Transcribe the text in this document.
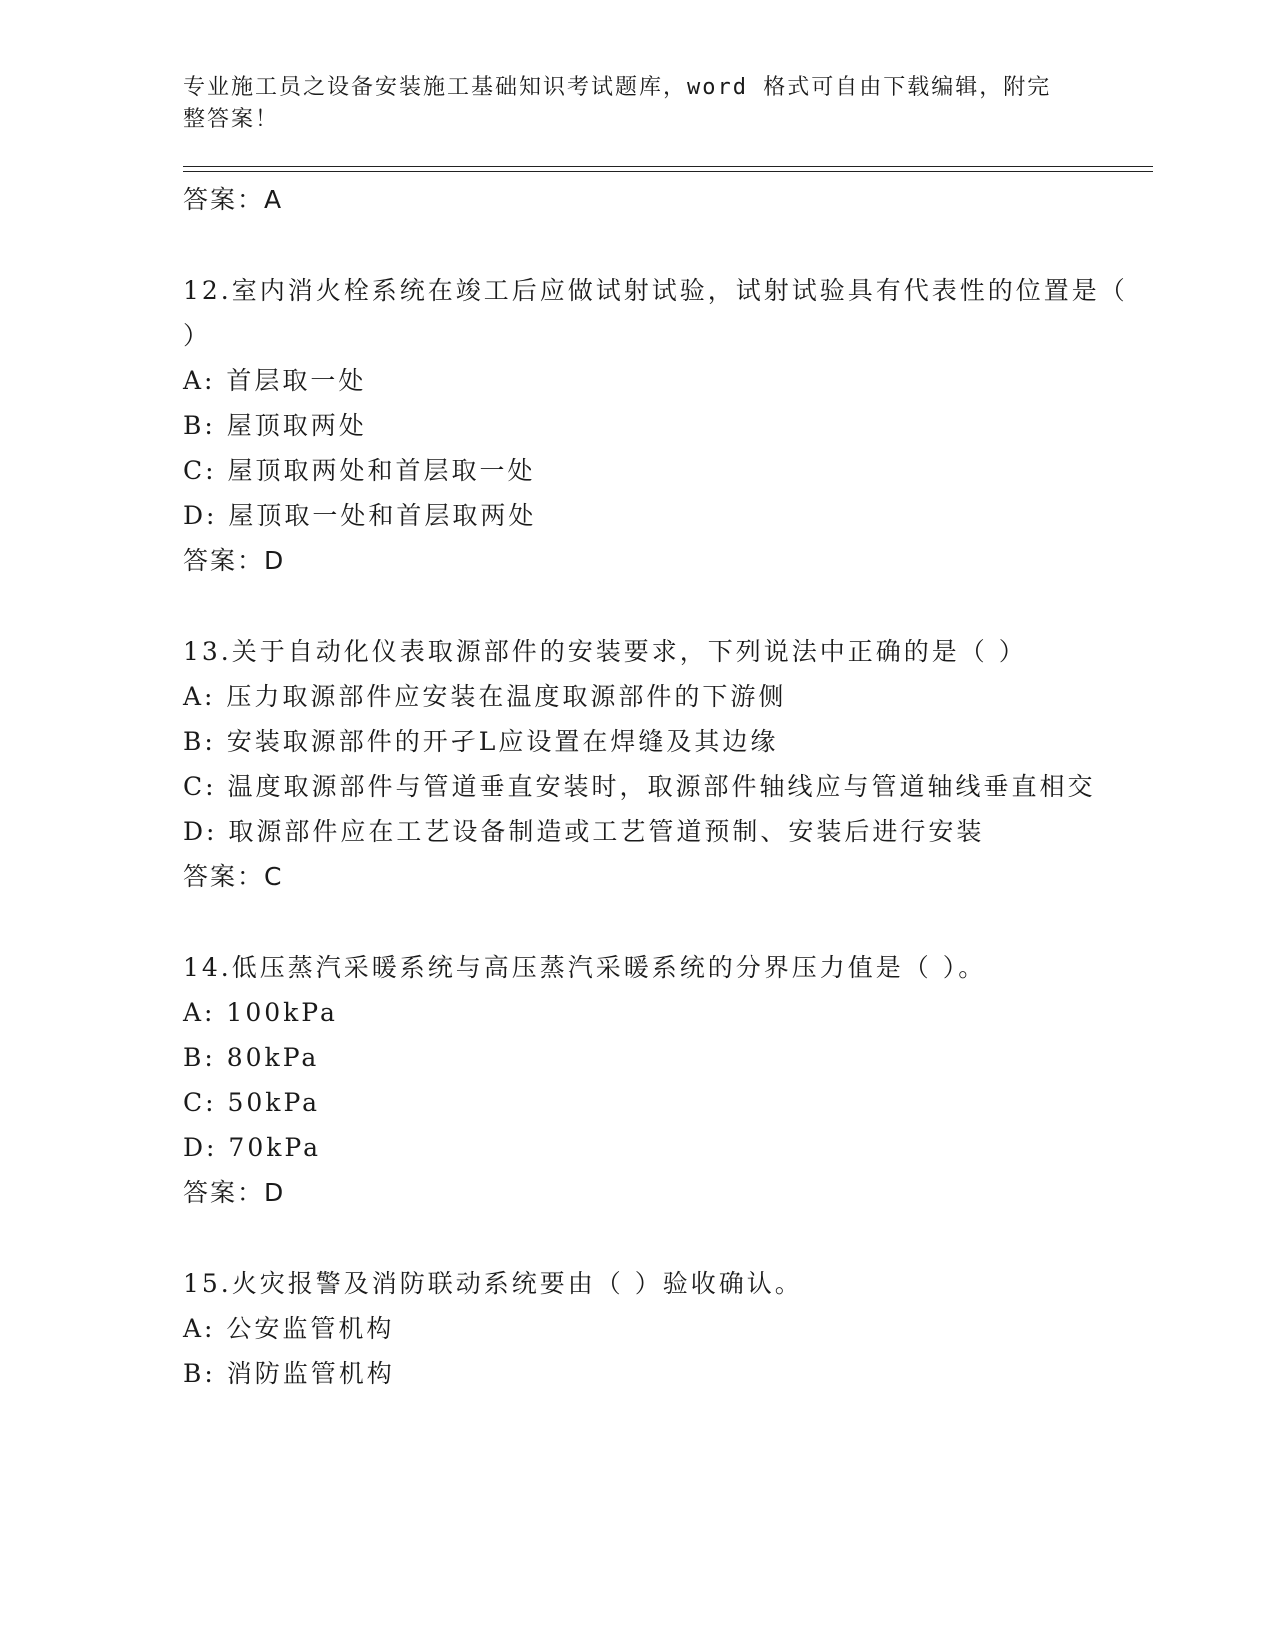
专业施工员之设备安装施工基础知识考试题库，word 格式可自由下载编辑，附完整答案！

答案：A

12.室内消火栓系统在竣工后应做试射试验，试射试验具有代表性的位置是（ ）

A: 首层取一处

B: 屋顶取两处

C: 屋顶取两处和首层取一处

D: 屋顶取一处和首层取两处

答案：D

13.关于自动化仪表取源部件的安装要求，下列说法中正确的是（ ）

A: 压力取源部件应安装在温度取源部件的下游侧

B: 安装取源部件的开孑L应设置在焊缝及其边缘

C: 温度取源部件与管道垂直安装时，取源部件轴线应与管道轴线垂直相交

D: 取源部件应在工艺设备制造或工艺管道预制、安装后进行安装

答案：C

14.低压蒸汽采暖系统与高压蒸汽采暖系统的分界压力值是（ ）。

A: 100kPa

B: 80kPa

C: 50kPa

D: 70kPa

答案：D

15.火灾报警及消防联动系统要由（ ）验收确认。

A: 公安监管机构

B: 消防监管机构
